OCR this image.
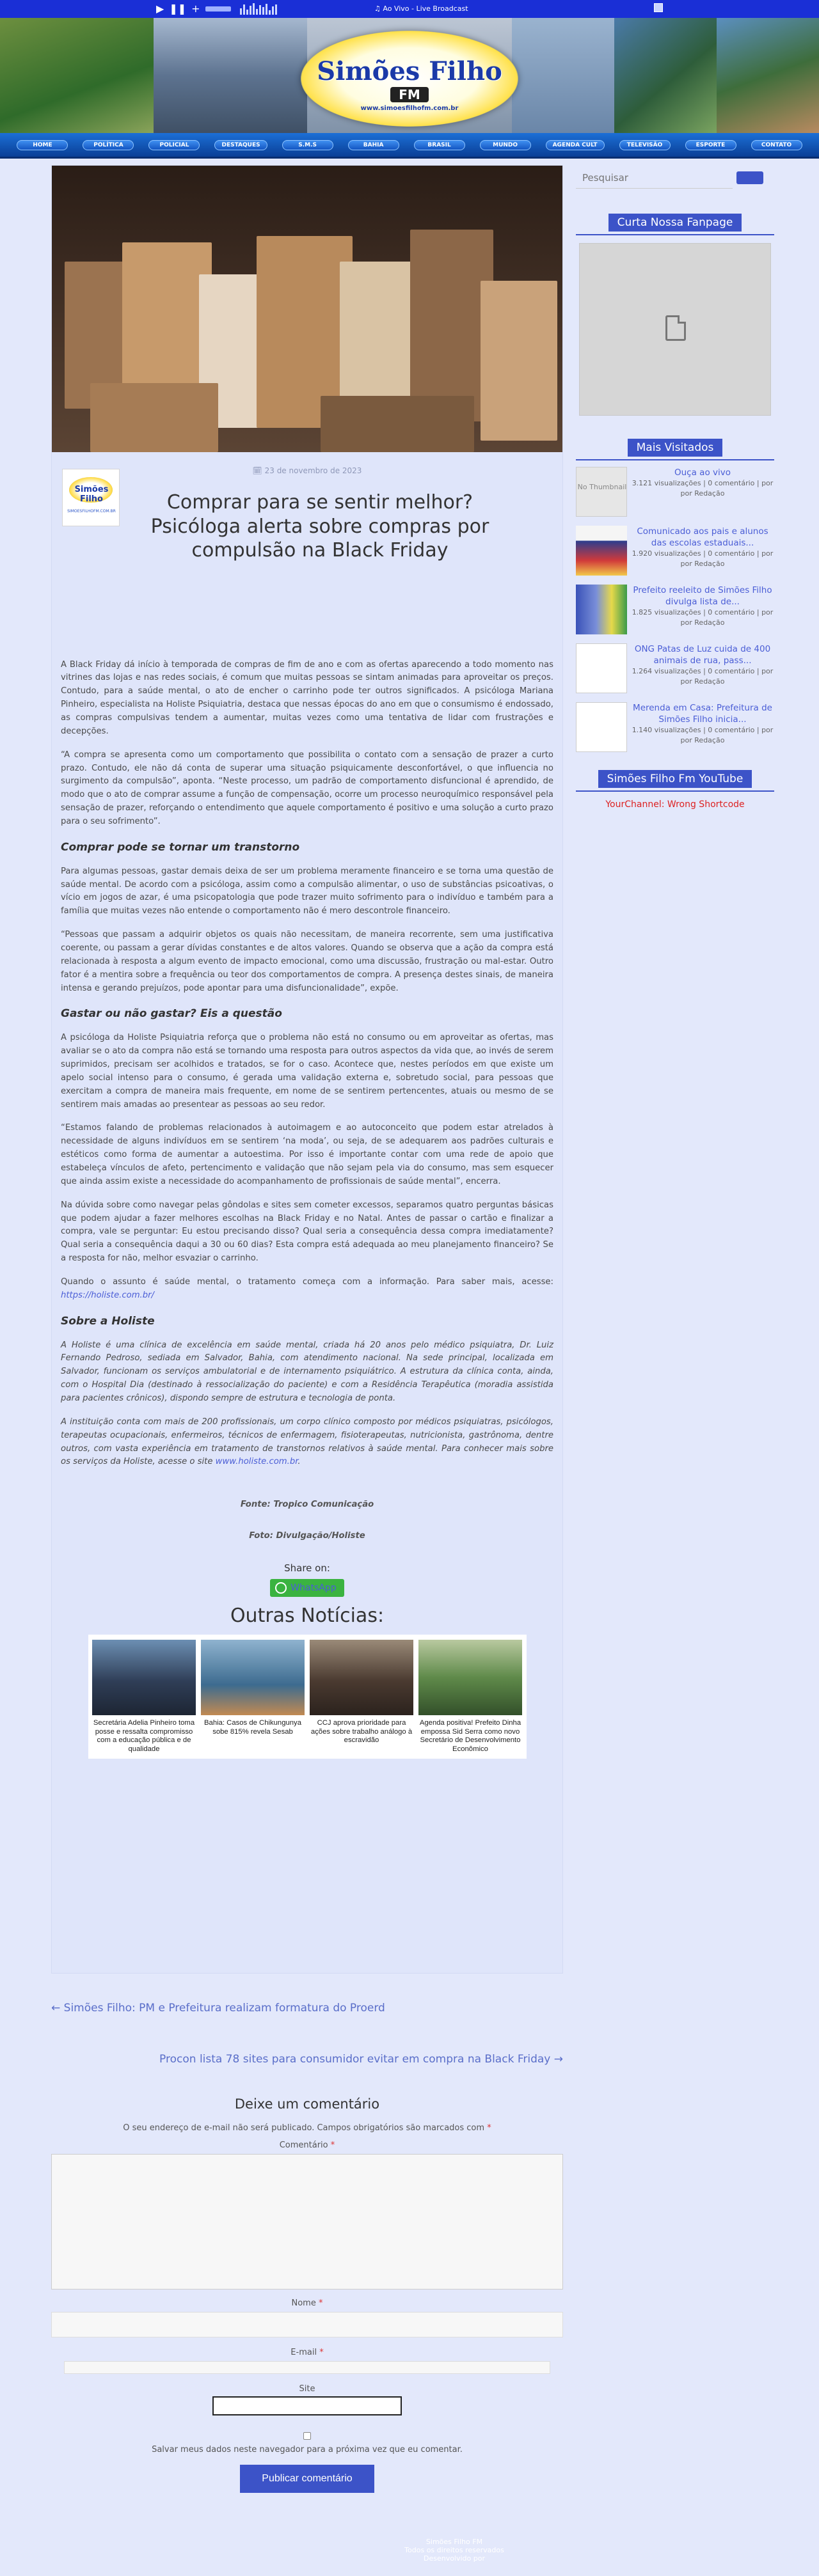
▶ ❚❚ +	♫ Ao Vivo - Live Broadcast
Simões Filho
FM
www.simoesfilhofm.com.br
HOME	POLÍTICA	POLICIAL	DESTAQUES	S.M.S	BAHIA	BRASIL	MUNDO	AGENDA CULT	TELEVISÃO	ESPORTE	CONTATO
🗓 23 de novembro de 2023
Simões Filho
SIMOESFILHOFM.COM.BR	Comprar para se sentir melhor? Psicóloga alerta sobre compras por compulsão na Black Friday

A Black Friday dá início à temporada de compras de fim de ano e com as ofertas aparecendo a todo momento nas vitrines das lojas e nas redes sociais, é comum que muitas pessoas se sintam animadas para aproveitar os preços. Contudo, para a saúde mental, o ato de encher o carrinho pode ter outros significados. A psicóloga Mariana Pinheiro, especialista na Holiste Psiquiatria, destaca que nessas épocas do ano em que o consumismo é endossado, as compras compulsivas tendem a aumentar, muitas vezes como uma tentativa de lidar com frustrações e decepções.

“A compra se apresenta como um comportamento que possibilita o contato com a sensação de prazer a curto prazo. Contudo, ele não dá conta de superar uma situação psiquicamente desconfortável, o que influencia no surgimento da compulsão”, aponta. “Neste processo, um padrão de comportamento disfuncional é aprendido, de modo que o ato de comprar assume a função de compensação, ocorre um processo neuroquímico responsável pela sensação de prazer, reforçando o entendimento que aquele comportamento é positivo e uma solução a curto prazo para o seu sofrimento”.

Comprar pode se tornar um transtorno

Para algumas pessoas, gastar demais deixa de ser um problema meramente financeiro e se torna uma questão de saúde mental. De acordo com a psicóloga, assim como a compulsão alimentar, o uso de substâncias psicoativas, o vício em jogos de azar, é uma psicopatologia que pode trazer muito sofrimento para o indivíduo e também para a família que muitas vezes não entende o comportamento não é mero descontrole financeiro.

“Pessoas que passam a adquirir objetos os quais não necessitam, de maneira recorrente, sem uma justificativa coerente, ou passam a gerar dívidas constantes e de altos valores. Quando se observa que a ação da compra está relacionada à resposta a algum evento de impacto emocional, como uma discussão, frustração ou mal-estar. Outro fator é a mentira sobre a frequência ou teor dos comportamentos de compra. A presença destes sinais, de maneira intensa e gerando prejuízos, pode apontar para uma disfuncionalidade”, expõe.

Gastar ou não gastar? Eis a questão

A psicóloga da Holiste Psiquiatria reforça que o problema não está no consumo ou em aproveitar as ofertas, mas avaliar se o ato da compra não está se tornando uma resposta para outros aspectos da vida que, ao invés de serem suprimidos, precisam ser acolhidos e tratados, se for o caso. Acontece que, nestes períodos em que existe um apelo social intenso para o consumo, é gerada uma validação externa e, sobretudo social, para pessoas que exercitam a compra de maneira mais frequente, em nome de se sentirem pertencentes, atuais ou mesmo de se sentirem mais amadas ao presentear as pessoas ao seu redor.

“Estamos falando de problemas relacionados à autoimagem e ao autoconceito que podem estar atrelados à necessidade de alguns indivíduos em se sentirem ‘na moda’, ou seja, de se adequarem aos padrões culturais e estéticos como forma de aumentar a autoestima. Por isso é importante contar com uma rede de apoio que estabeleça vínculos de afeto, pertencimento e validação que não sejam pela via do consumo, mas sem esquecer que ainda assim existe a necessidade do acompanhamento de profissionais de saúde mental”, encerra.

Na dúvida sobre como navegar pelas gôndolas e sites sem cometer excessos, separamos quatro perguntas básicas que podem ajudar a fazer melhores escolhas na Black Friday e no Natal. Antes de passar o cartão e finalizar a compra, vale se perguntar: Eu estou precisando disso? Qual seria a consequência dessa compra imediatamente? Qual seria a consequência daqui a 30 ou 60 dias? Esta compra está adequada ao meu planejamento financeiro? Se a resposta for não, melhor esvaziar o carrinho.

Quando o assunto é saúde mental, o tratamento começa com a informação. Para saber mais, acesse: https://holiste.com.br/

Sobre a Holiste

A Holiste é uma clínica de excelência em saúde mental, criada há 20 anos pelo médico psiquiatra, Dr. Luiz Fernando Pedroso, sediada em Salvador, Bahia, com atendimento nacional. Na sede principal, localizada em Salvador, funcionam os serviços ambulatorial e de internamento psiquiátrico. A estrutura da clínica conta, ainda, com o Hospital Dia (destinado à ressocialização do paciente) e com a Residência Terapêutica (moradia assistida para pacientes crônicos), dispondo sempre de estrutura e tecnologia de ponta.

A instituição conta com mais de 200 profissionais, um corpo clínico composto por médicos psiquiatras, psicólogos, terapeutas ocupacionais, enfermeiros, técnicos de enfermagem, fisioterapeutas, nutricionista, gastrônoma, dentre outros, com vasta experiência em tratamento de transtornos relativos à saúde mental. Para conhecer mais sobre os serviços da Holiste, acesse o site www.holiste.com.br.

Fonte: Tropico Comunicação

Foto: Divulgação/Holiste

Share on:
WhatsApp
Outras Notícias:
Secretária Adelia Pinheiro toma posse e ressalta compromisso com a educação pública e de qualidade
Bahia: Casos de Chikungunya sobe 815% revela Sesab
CCJ aprova prioridade para ações sobre trabalho análogo à escravidão
Agenda positiva! Prefeito Dinha empossa Sid Serra como novo Secretário de Desenvolvimento Econômico
← Simões Filho: PM e Prefeitura realizam formatura do Proerd
Procon lista 78 sites para consumidor evitar em compra na Black Friday →
Deixe um comentário
O seu endereço de e-mail não será publicado. Campos obrigatórios são marcados com *
Comentário *
Nome *
E-mail *
Site
Salvar meus dados neste navegador para a próxima vez que eu comentar.
Publicar comentário
Pesquisar
Curta Nossa Fanpage
Mais Visitados
No Thumbnail
Ouça ao vivo
3.121 visualizações | 0 comentário | por
por Redação
Comunicado aos pais e alunos das escolas estaduais...
1.920 visualizações | 0 comentário | por
por Redação
Prefeito reeleito de Simões Filho divulga lista de...
1.825 visualizações | 0 comentário | por
por Redação
ONG Patas de Luz cuida de 400 animais de rua, pass...
1.264 visualizações | 0 comentário | por
por Redação
Merenda em Casa: Prefeitura de Simões Filho inicia...
1.140 visualizações | 0 comentário | por
por Redação
Simões Filho Fm YouTube
YourChannel: Wrong Shortcode
Simões Filho FM
Todos os direitos reservados
Desenvolvido por
